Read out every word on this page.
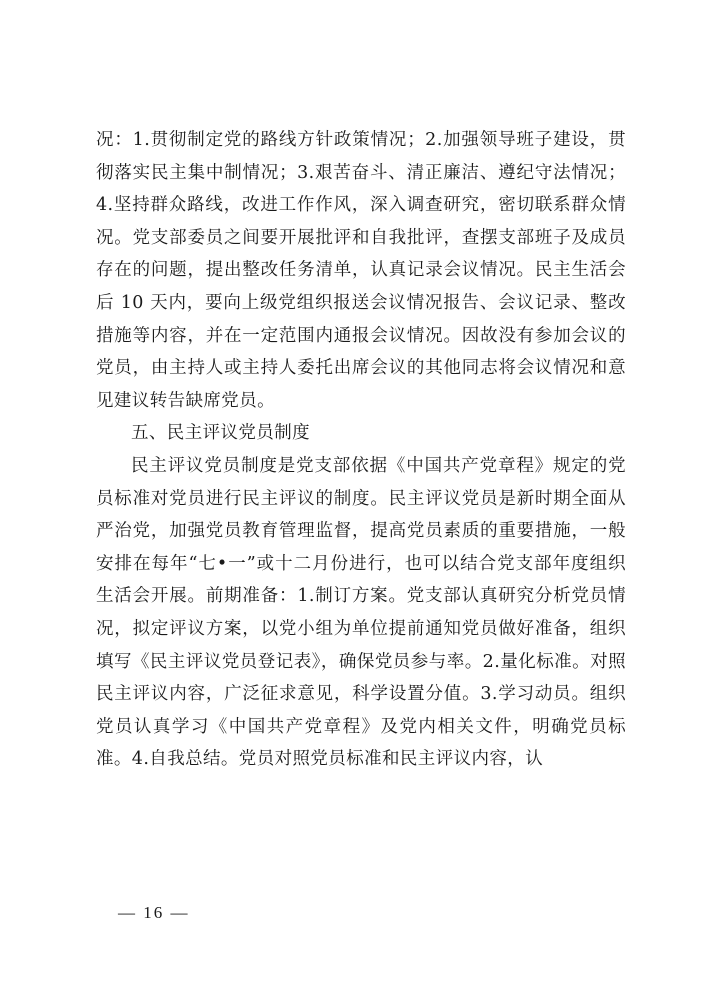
况：1.贯彻制定党的路线方针政策情况；2.加强领导班子建设，贯彻落实民主集中制情况；3.艰苦奋斗、清正廉洁、遵纪守法情况；4.坚持群众路线，改进工作作风，深入调查研究，密切联系群众情况。党支部委员之间要开展批评和自我批评，查摆支部班子及成员存在的问题，提出整改任务清单，认真记录会议情况。民主生活会后 10 天内，要向上级党组织报送会议情况报告、会议记录、整改措施等内容，并在一定范围内通报会议情况。因故没有参加会议的党员，由主持人或主持人委托出席会议的其他同志将会议情况和意见建议转告缺席党员。

五、民主评议党员制度

民主评议党员制度是党支部依据《中国共产党章程》规定的党员标准对党员进行民主评议的制度。民主评议党员是新时期全面从严治党，加强党员教育管理监督，提高党员素质的重要措施，一般安排在每年“七•一”或十二月份进行，也可以结合党支部年度组织生活会开展。前期准备：1.制订方案。党支部认真研究分析党员情况，拟定评议方案，以党小组为单位提前通知党员做好准备，组织填写《民主评议党员登记表》，确保党员参与率。2.量化标准。对照民主评议内容，广泛征求意见，科学设置分值。3.学习动员。组织党员认真学习《中国共产党章程》及党内相关文件，明确党员标准。4.自我总结。党员对照党员标准和民主评议内容，认

— 16 —
